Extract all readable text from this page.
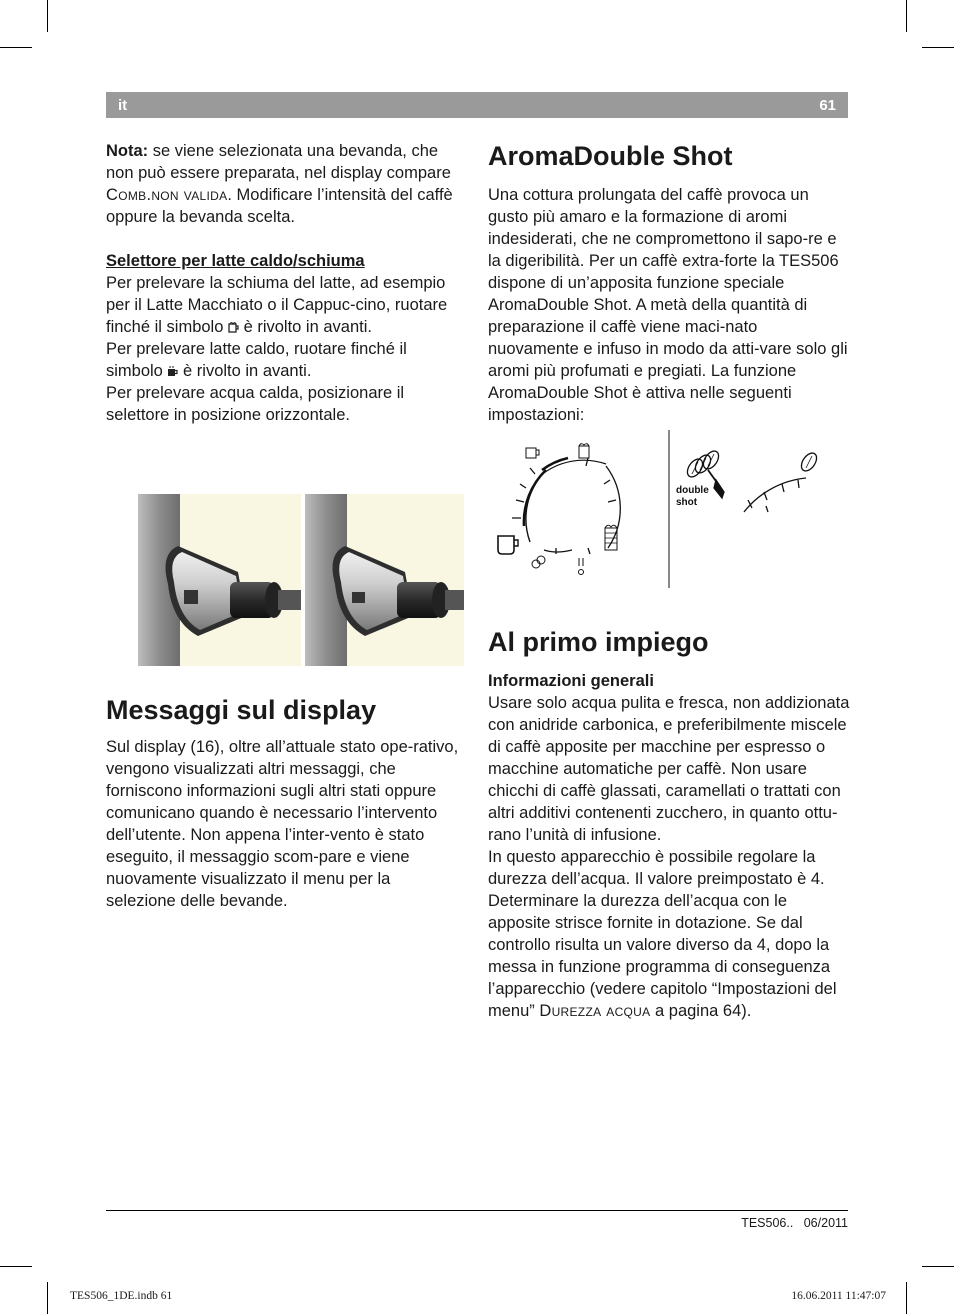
it	61

Nota: se viene selezionata una bevanda, che non può essere preparata, nel display compare Comb.non valida. Modificare l’intensità del caffè oppure la bevanda scelta.

Selettore per latte caldo/schiuma

Per prelevare la schiuma del latte, ad esempio per il Latte Macchiato o il Cappuc-cino, ruotare finché il simbolo  è rivolto in avanti.

Per prelevare latte caldo, ruotare finché il simbolo  è rivolto in avanti.

Per prelevare acqua calda, posizionare il selettore in posizione orizzontale.

Messaggi sul display

Sul display (16), oltre all’attuale stato ope-rativo, vengono visualizzati altri messaggi, che forniscono informazioni sugli altri stati oppure comunicano quando è necessario l’intervento dell’utente. Non appena l’inter-vento è stato eseguito, il messaggio scom-pare e viene nuovamente visualizzato il menu per la selezione delle bevande.

AromaDouble Shot

Una cottura prolungata del caffè provoca un gusto più amaro e la formazione di aromi indesiderati, che ne compromettono il sapo-re e la digeribilità. Per un caffè extra-forte la TES506 dispone di un’apposita funzione speciale AromaDouble Shot. A metà della quantità di preparazione il caffè viene maci-nato nuovamente e infuso in modo da atti-vare solo gli aromi più profumati e pregiati. La funzione AromaDouble Shot è attiva nelle seguenti impostazioni:

double
shot
Al primo impiego

Informazioni generali

Usare solo acqua pulita e fresca, non addizionata con anidride carbonica, e preferibilmente miscele di caffè apposite per macchine per espresso o macchine automatiche per caffè. Non usare chicchi di caffè glassati, caramellati o trattati con altri additivi contenenti zucchero, in quanto ottu-rano l’unità di infusione.

In questo apparecchio è possibile regolare la durezza dell’acqua. Il valore preimpostato è 4. Determinare la durezza dell’acqua con le apposite strisce fornite in dotazione. Se dal controllo risulta un valore diverso da 4, dopo la messa in funzione programma di conseguenza l’apparecchio (vedere capitolo “Impostazioni del menu” Durezza acqua a pagina 64).

TES506.. 06/2011
TES506_1DE.indb 61	16.06.2011 11:47:07
